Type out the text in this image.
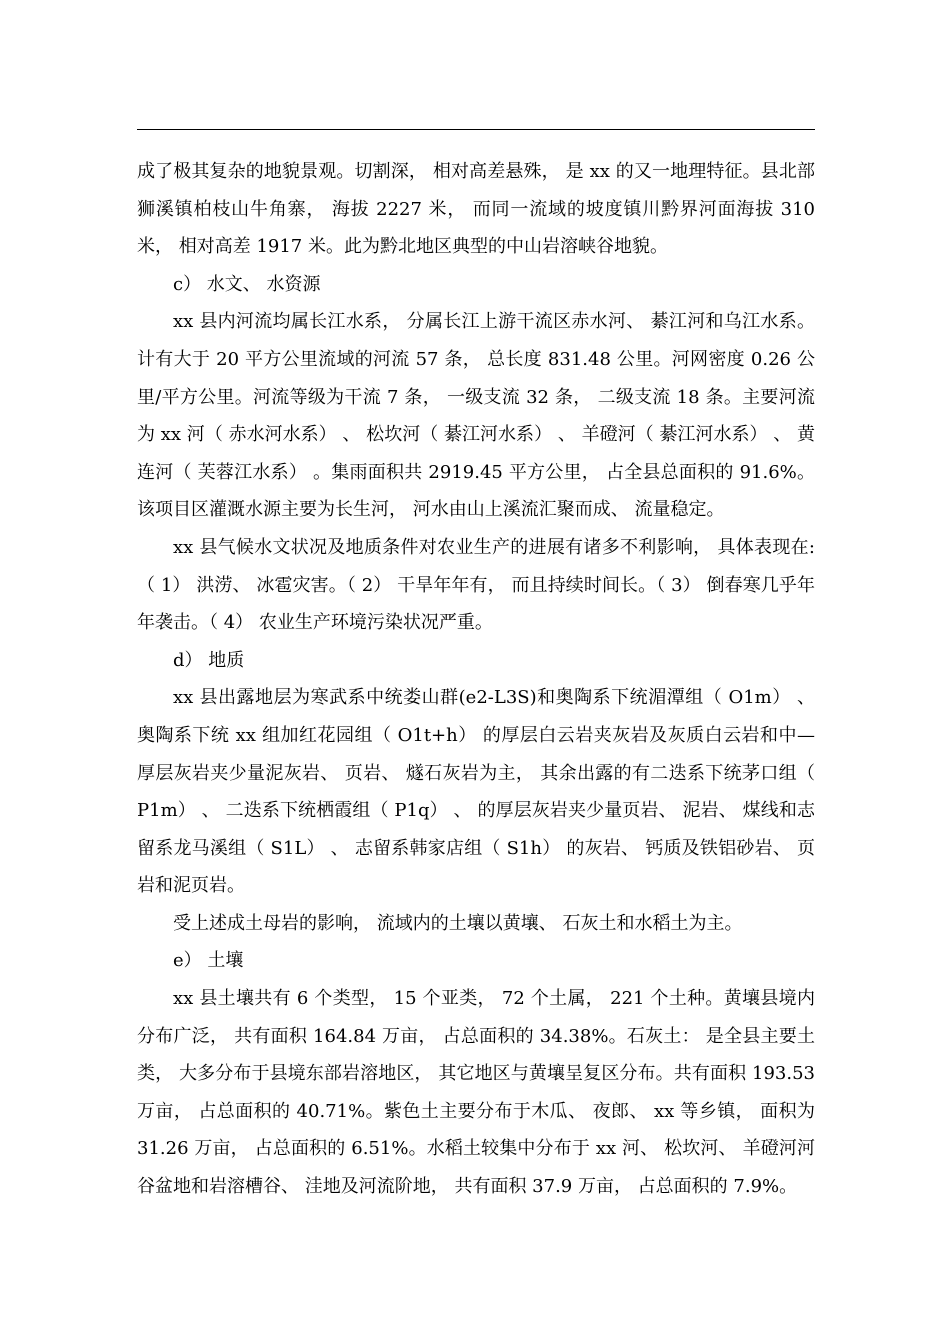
成了极其复杂的地貌景观。切割深， 相对高差悬殊， 是 xx 的又一地理特征。县北部狮溪镇柏枝山牛角寨， 海拔 2227 米， 而同一流域的坡度镇川黔界河面海拔 310 米， 相对高差 1917 米。此为黔北地区典型的中山岩溶峡谷地貌。

c） 水文、 水资源

xx 县内河流均属长江水系， 分属长江上游干流区赤水河、 綦江河和乌江水系。计有大于 20 平方公里流域的河流 57 条， 总长度 831.48 公里。河网密度 0.26 公里/平方公里。河流等级为干流 7 条， 一级支流 32 条， 二级支流 18 条。主要河流为 xx 河（ 赤水河水系） 、 松坎河（ 綦江河水系） 、 羊磴河（ 綦江河水系） 、 黄连河（ 芙蓉江水系） 。集雨面积共 2919.45 平方公里， 占全县总面积的 91.6%。该项目区灌溉水源主要为长生河， 河水由山上溪流汇聚而成、 流量稳定。

xx 县气候水文状况及地质条件对农业生产的进展有诸多不利影响， 具体表现在:（ 1） 洪涝、 冰雹灾害。（ 2） 干旱年年有， 而且持续时间长。（ 3） 倒春寒几乎年年袭击。（ 4） 农业生产环境污染状况严重。

d） 地质

xx 县出露地层为寒武系中统娄山群(e2-L3S)和奥陶系下统湄潭组（ O1m） 、 奥陶系下统 xx 组加红花园组（ O1t+h） 的厚层白云岩夹灰岩及灰质白云岩和中—厚层灰岩夹少量泥灰岩、 页岩、 燧石灰岩为主， 其余出露的有二迭系下统茅口组（ P1m） 、 二迭系下统栖霞组（ P1q） 、 的厚层灰岩夹少量页岩、 泥岩、 煤线和志留系龙马溪组（ S1L） 、 志留系韩家店组（ S1h） 的灰岩、 钙质及铁铝砂岩、 页岩和泥页岩。

受上述成土母岩的影响， 流域内的土壤以黄壤、 石灰土和水稻土为主。

e） 土壤

xx 县土壤共有 6 个类型， 15 个亚类， 72 个土属， 221 个土种。黄壤县境内分布广泛， 共有面积 164.84 万亩， 占总面积的 34.38%。石灰土： 是全县主要土类， 大多分布于县境东部岩溶地区， 其它地区与黄壤呈复区分布。共有面积 193.53 万亩， 占总面积的 40.71%。紫色土主要分布于木瓜、 夜郎、 xx 等乡镇， 面积为 31.26 万亩， 占总面积的 6.51%。水稻土较集中分布于 xx 河、 松坎河、 羊磴河河谷盆地和岩溶槽谷、 洼地及河流阶地， 共有面积 37.9 万亩， 占总面积的 7.9%。
